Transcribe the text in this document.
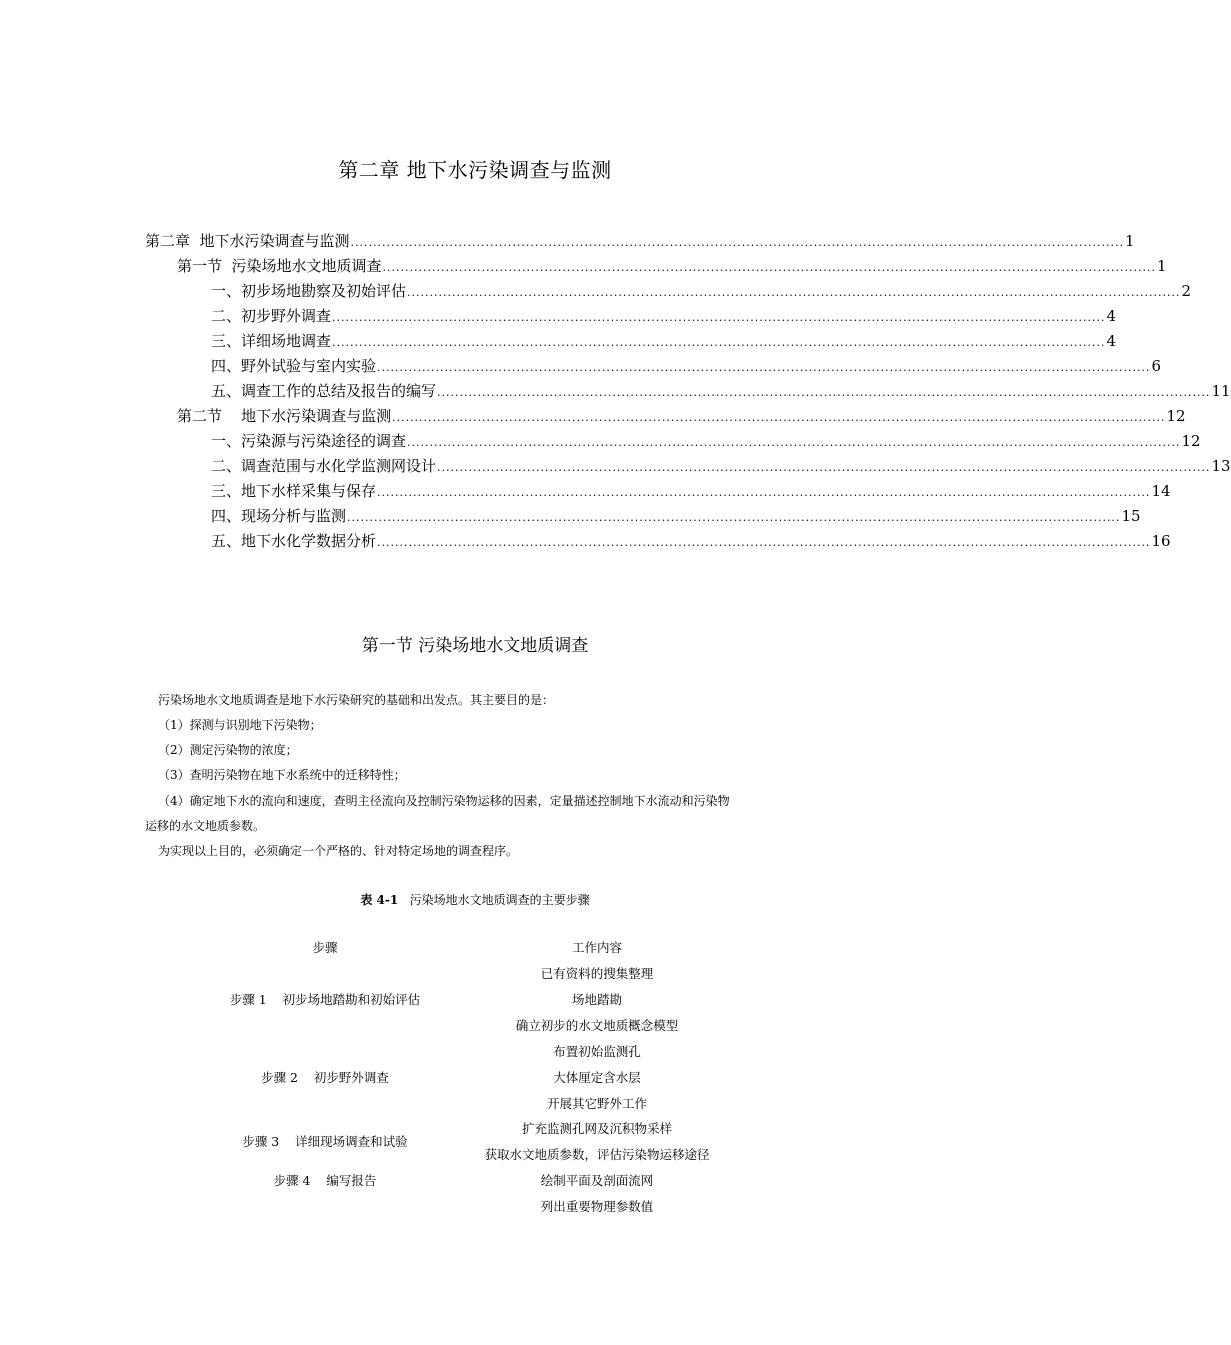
第二章 地下水污染调查与监测
第二章  地下水污染调查与监测 ............................................................................................................................................................................ 1
第一节  污染场地水文地质调查 ............................................................................................................................................................................ 1
一、初步场地勘察及初始评估 ............................................................................................................................................................................ 2
二、初步野外调查 ............................................................................................................................................................................ 4
三、详细场地调查 ............................................................................................................................................................................ 4
四、野外试验与室内实验 ............................................................................................................................................................................ 6
五、调查工作的总结及报告的编写 ............................................................................................................................................................................ 11
第二节    地下水污染调查与监测 ............................................................................................................................................................................ 12
一、污染源与污染途径的调查 ............................................................................................................................................................................ 12
二、调查范围与水化学监测网设计 ............................................................................................................................................................................ 13
三、地下水样采集与保存 ............................................................................................................................................................................ 14
四、现场分析与监测 ............................................................................................................................................................................ 15
五、地下水化学数据分析 ............................................................................................................................................................................ 16
第一节 污染场地水文地质调查
污染场地水文地质调查是地下水污染研究的基础和出发点。其主要目的是：
（1）探测与识别地下污染物；
（2）测定污染物的浓度；
（3）查明污染物在地下水系统中的迁移特性；
（4）确定地下水的流向和速度，查明主径流向及控制污染物运移的因素，定量描述控制地下水流动和污染物
运移的水文地质参数。
为实现以上目的，必须确定一个严格的、针对特定场地的调查程序。
表 4-1 污染场地水文地质调查的主要步骤
步骤	工作内容
步骤 1    初步场地踏勘和初始评估
步骤 2    初步野外调查
步骤 3    详细现场调查和试验
步骤 4    编写报告
已有资料的搜集整理
场地踏勘
确立初步的水文地质概念模型
布置初始监测孔
大体厘定含水层
开展其它野外工作
扩充监测孔网及沉积物采样
获取水文地质参数，评估污染物运移途径
绘制平面及剖面流网
列出重要物理参数值
